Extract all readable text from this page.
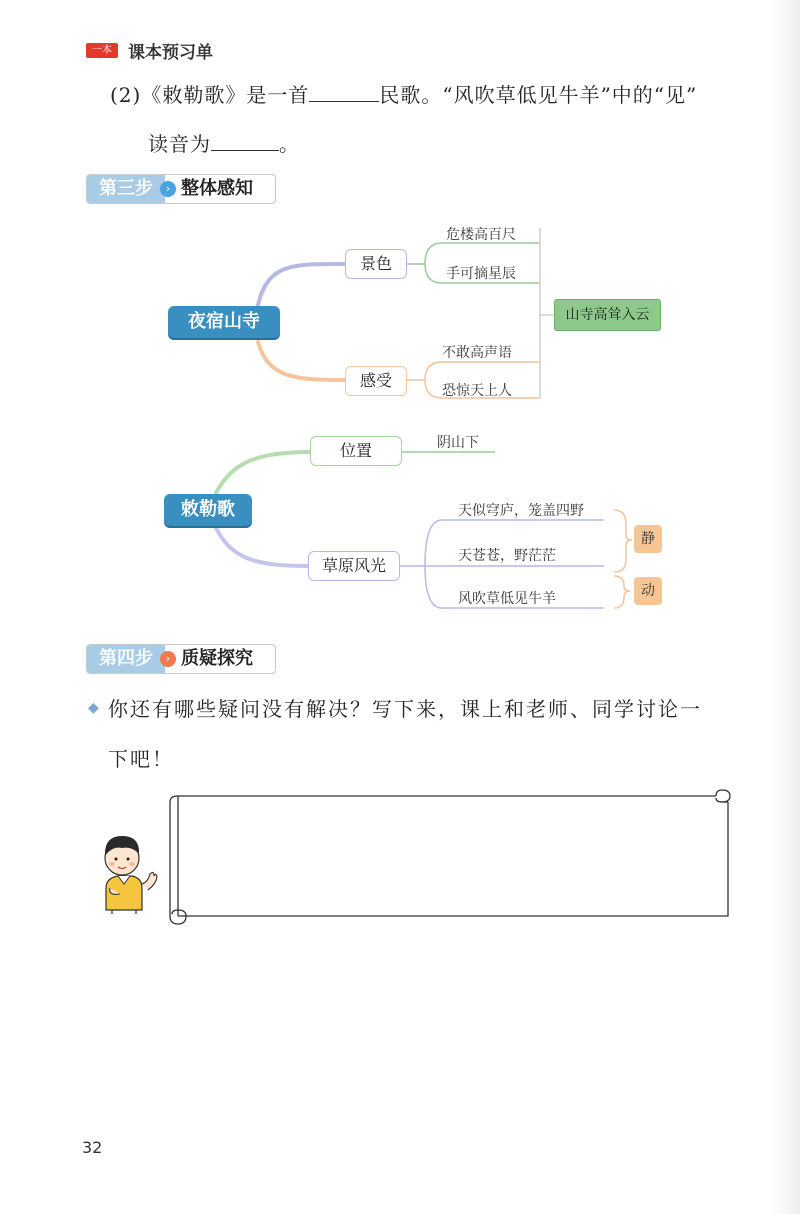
一本 课本预习单
(2)《敕勒歌》是一首	民歌。“风吹草低见牛羊”中的“见”
读音为	。
第三步	› 整体感知
夜宿山寺
景色
感受
危楼高百尺
手可摘星辰
不敢高声语
恐惊天上人
山寺高耸入云
敕勒歌
位置
草原风光
阴山下
天似穹庐，笼盖四野
天苍苍，野茫茫
风吹草低见牛羊
静
动
第四步	› 质疑探究
◆ 你还有哪些疑问没有解决？写下来，课上和老师、同学讨论一
下吧！
32
